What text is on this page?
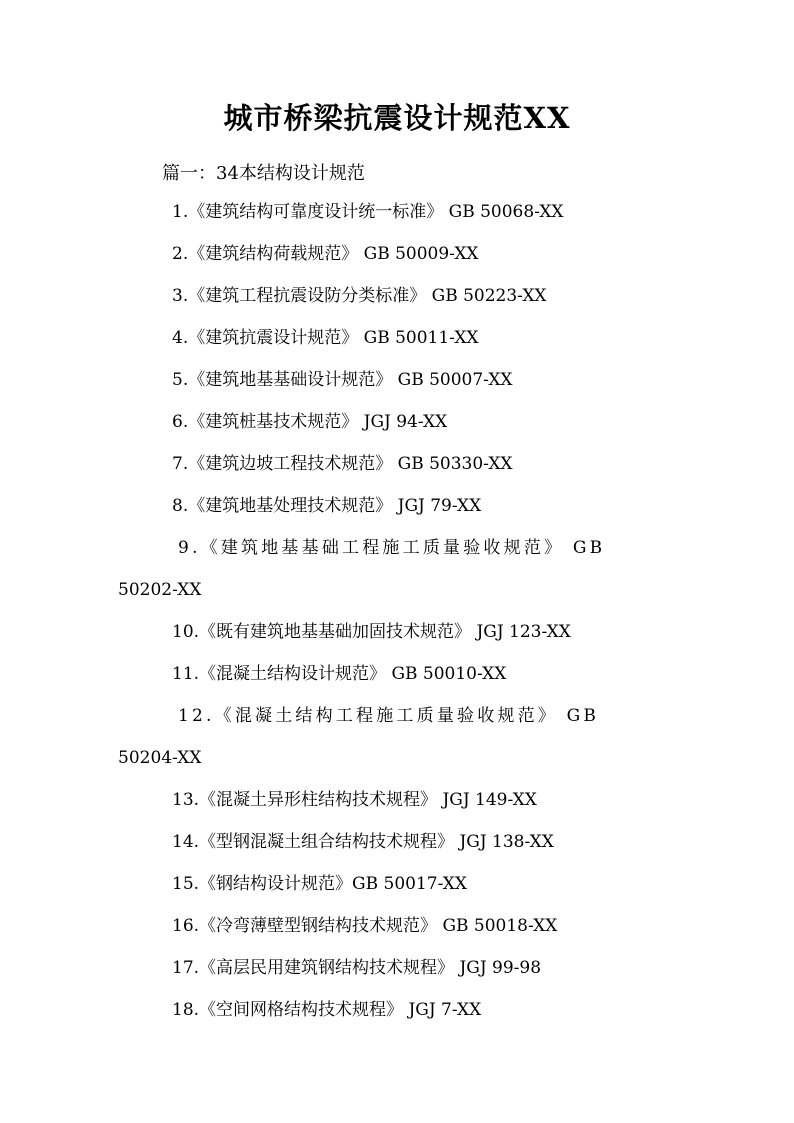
城市桥梁抗震设计规范XX
篇一：34本结构设计规范
1.《建筑结构可靠度设计统一标准》 GB 50068-XX
2.《建筑结构荷载规范》 GB 50009-XX
3.《建筑工程抗震设防分类标准》 GB 50223-XX
4.《建筑抗震设计规范》 GB 50011-XX
5.《建筑地基基础设计规范》 GB 50007-XX
6.《建筑桩基技术规范》 JGJ 94-XX
7.《建筑边坡工程技术规范》 GB 50330-XX
8.《建筑地基处理技术规范》 JGJ 79-XX
9.《建筑地基基础工程施工质量验收规范》 GB
50202-XX
10.《既有建筑地基基础加固技术规范》 JGJ 123-XX
11.《混凝土结构设计规范》 GB 50010-XX
12.《混凝土结构工程施工质量验收规范》 GB
50204-XX
13.《混凝土异形柱结构技术规程》 JGJ 149-XX
14.《型钢混凝土组合结构技术规程》 JGJ 138-XX
15.《钢结构设计规范》GB 50017-XX
16.《冷弯薄壁型钢结构技术规范》 GB 50018-XX
17.《高层民用建筑钢结构技术规程》 JGJ 99-98
18.《空间网格结构技术规程》 JGJ 7-XX
